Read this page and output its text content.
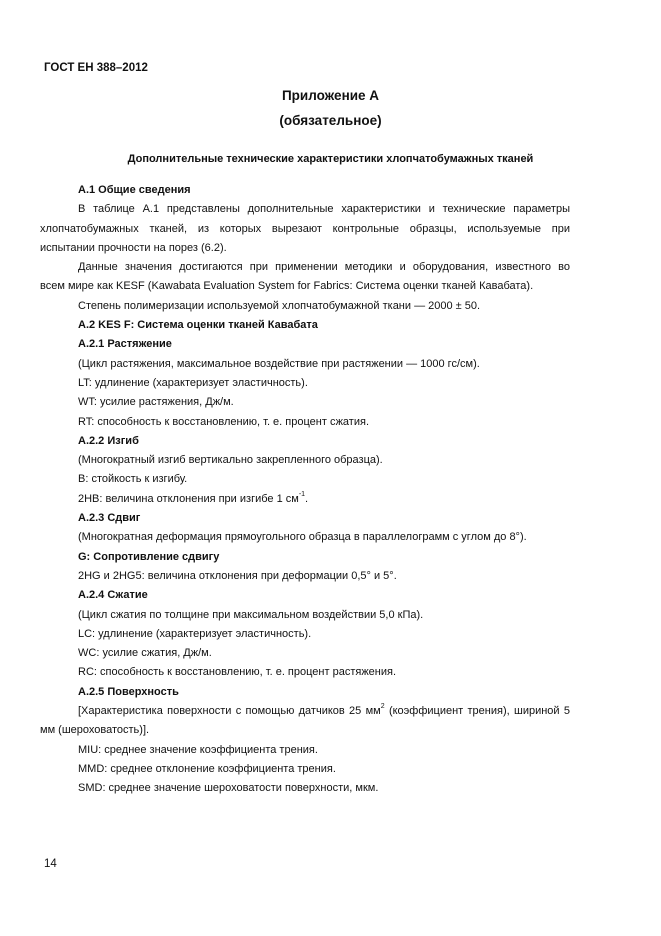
ГОСТ ЕН 388–2012
Приложение А
(обязательное)
Дополнительные технические характеристики хлопчатобумажных тканей

А.1 Общие сведения

В таблице А.1 представлены дополнительные характеристики и технические параметры

хлопчатобумажных тканей, из которых вырезают контрольные образцы, используемые при

испытании прочности на порез (6.2).

Данные значения достигаются при применении методики и оборудования, известного во

всем мире как KESF (Kawabata Evaluation System for Fabrics: Система оценки тканей Кавабата).

Степень полимеризации используемой хлопчатобумажной ткани — 2000 ± 50.

А.2 KES F: Система оценки тканей Кавабата

А.2.1 Растяжение

(Цикл растяжения, максимальное воздействие при растяжении — 1000 гс/см).

LT: удлинение (характеризует эластичность).

WT: усилие растяжения, Дж/м.

RT: способность к восстановлению, т. е. процент сжатия.

А.2.2 Изгиб

(Многократный изгиб вертикально закрепленного образца).

B: стойкость к изгибу.

2HB: величина отклонения при изгибе 1 $см^{-1}$.

А.2.3 Сдвиг

(Многократная деформация прямоугольного образца в параллелограмм с углом до 8°).

G: Сопротивление сдвигу

2HG и 2HG5: величина отклонения при деформации 0,5° и 5°.

А.2.4 Сжатие

(Цикл сжатия по толщине при максимальном воздействии 5,0 кПа).

LC: удлинение (характеризует эластичность).

WC: усилие сжатия, Дж/м.

RC: способность к восстановлению, т. е. процент растяжения.

А.2.5 Поверхность

[Характеристика поверхности с помощью датчиков 25 $мм^2$ (коэффициент трения), шириной 5

мм (шероховатость)].

MIU: среднее значение коэффициента трения.

MMD: среднее отклонение коэффициента трения.

SMD: среднее значение шероховатости поверхности, мкм.

14
